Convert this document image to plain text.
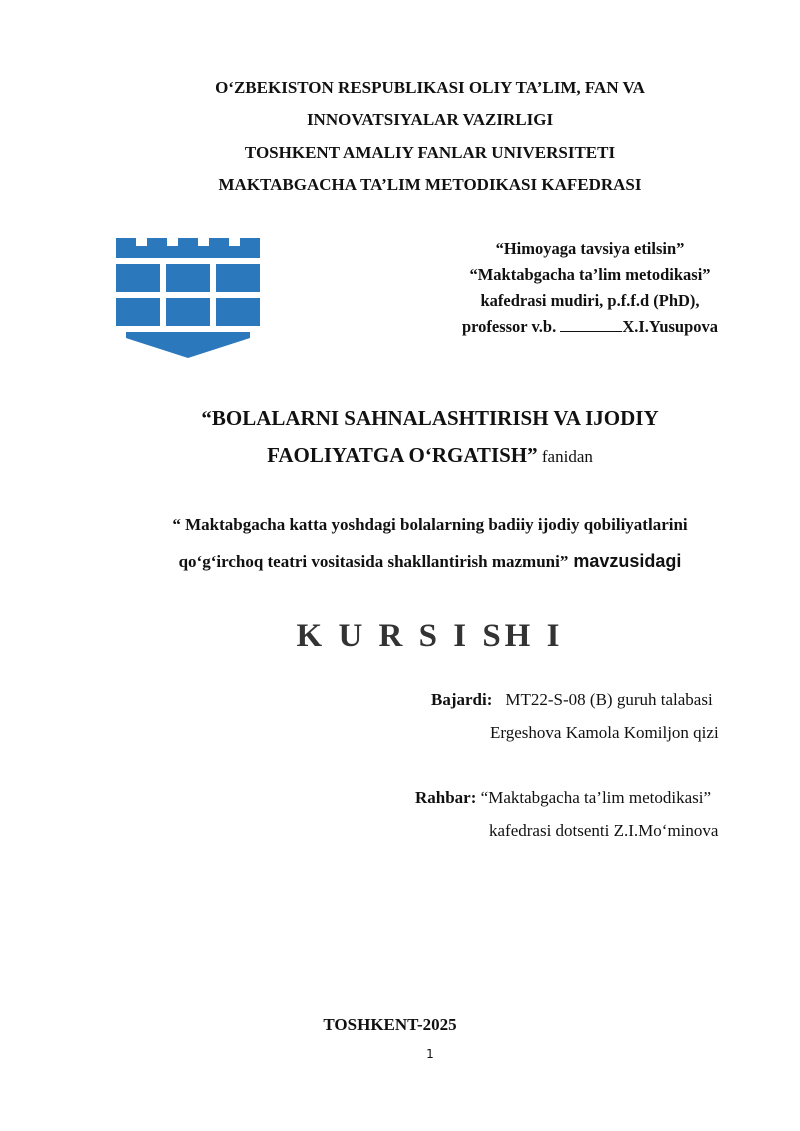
O‘ZBEKISTON RESPUBLIKASI OLIY TA’LIM, FAN VA
INNOVATSIYALAR VAZIRLIGI
TOSHKENT AMALIY FANLAR UNIVERSITETI
MAKTABGACHA TA’LIM METODIKASI KAFEDRASI
“Himoyaga tavsiya etilsin”
“Maktabgacha ta’lim metodikasi”
kafedrasi mudiri, p.f.f.d (PhD),
professor v.b.	X.I.Yusupova
“BOLALARNI SAHNALASHTIRISH VA IJODIY
FAOLIYATGA O‘RGATISH” fanidan
“ Maktabgacha katta yoshdagi bolalarning badiiy ijodiy qobiliyatlarini
qo‘g‘irchoq teatri vositasida shakllantirish mazmuni” mavzusidagi
K U R S I SH I
Bajardi: MT22-S-08 (B) guruh talabasi
Ergeshova Kamola Komiljon qizi
Rahbar: “Maktabgacha ta’lim metodikasi”
kafedrasi dotsenti Z.I.Mo‘minova
TOSHKENT-2025
1
